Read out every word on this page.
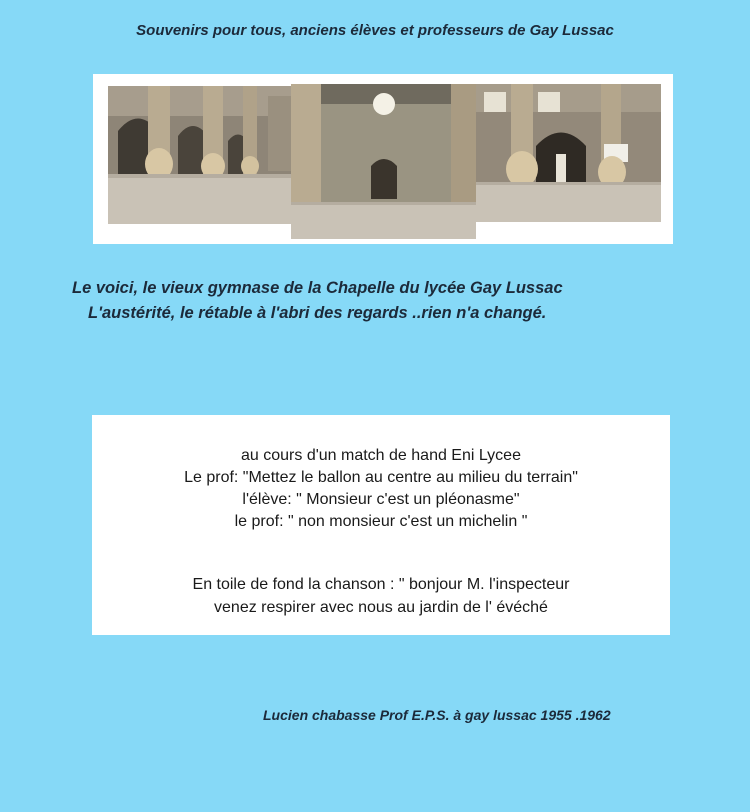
Souvenirs pour tous, anciens élèves et professeurs de Gay Lussac
Le voici, le vieux gymnase de la Chapelle du lycée Gay Lussac
L'austérité, le rétable à l'abri des regards ..rien n'a changé.
au cours d'un match de hand Eni Lycee
Le prof: "Mettez le ballon au centre au milieu du terrain"
l'élève: " Monsieur c'est un pléonasme"
le prof: " non monsieur c'est un michelin "
En toile de fond la chanson : " bonjour M. l'inspecteur
venez respirer avec nous au jardin de l' évéché
Lucien chabasse Prof E.P.S. à gay lussac 1955 .1962
